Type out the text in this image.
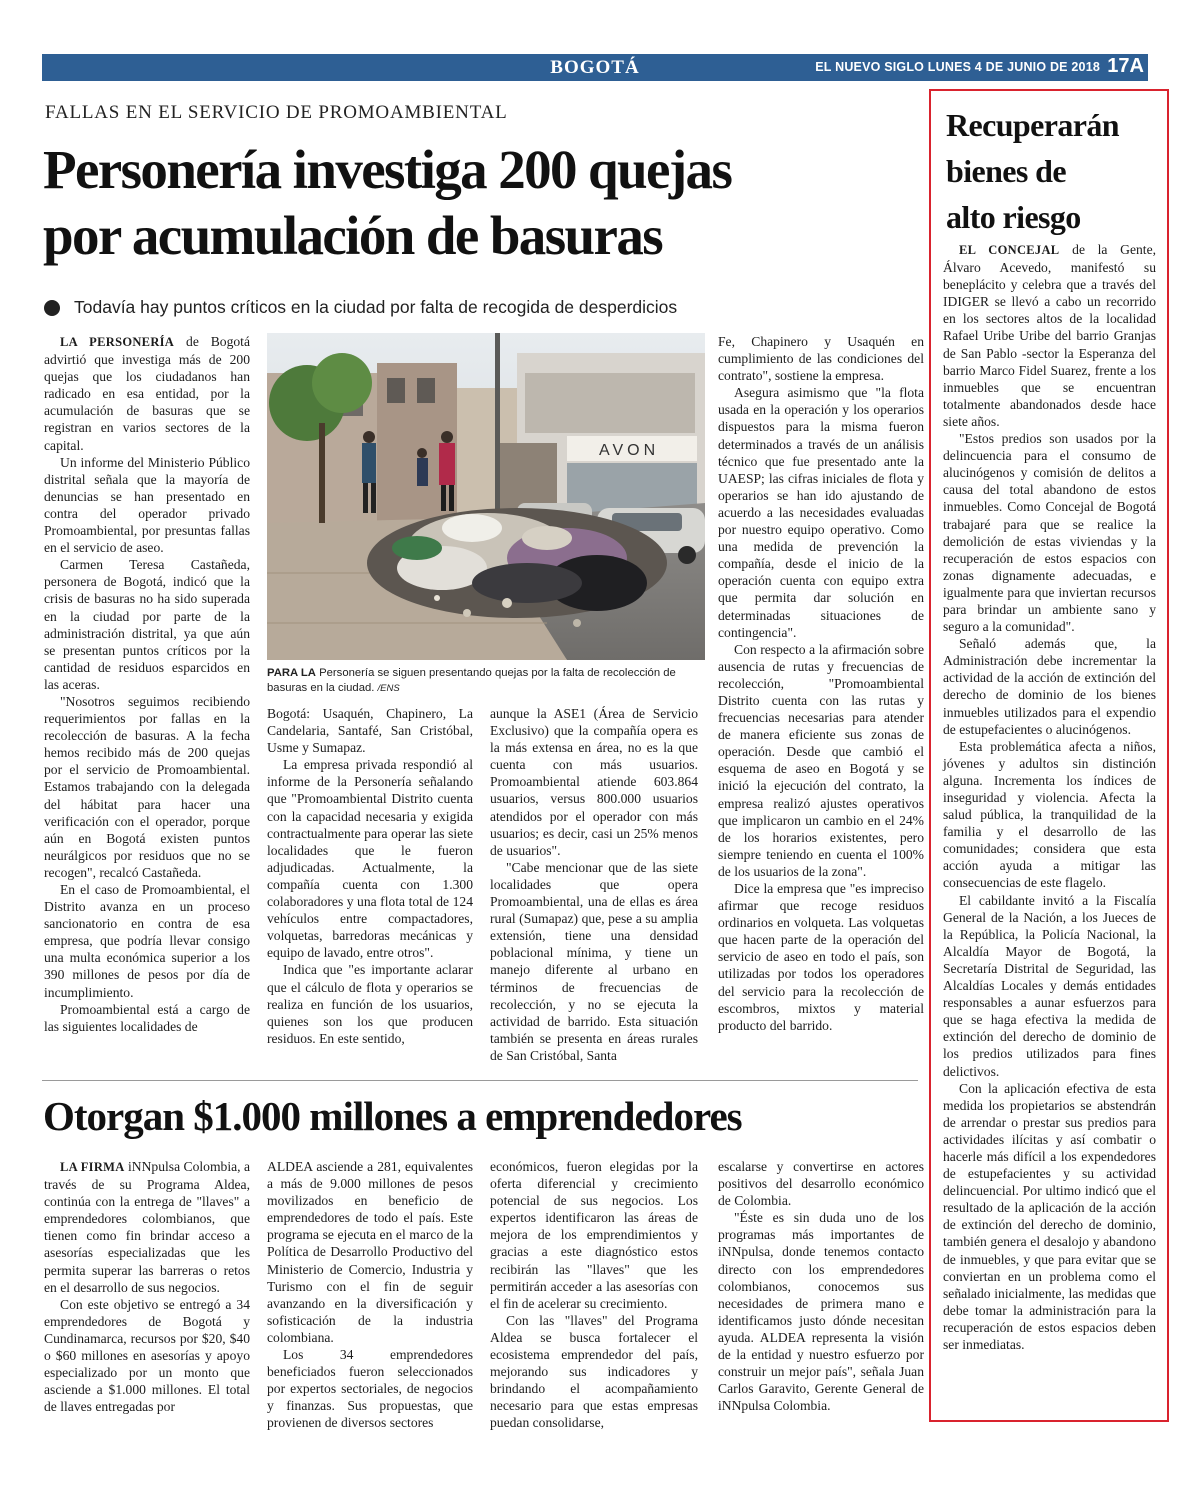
BOGOTÁ	EL NUEVO SIGLO LUNES 4 DE JUNIO DE 2018 17A
FALLAS EN EL SERVICIO DE PROMOAMBIENTAL
Personería investiga 200 quejas
por acumulación de basuras
Todavía hay puntos críticos en la ciudad por falta de recogida de desperdicios

LA PERSONERÍA de Bogotá advirtió que investiga más de 200 quejas que los ciudadanos han radicado en esa entidad, por la acumulación de basuras que se registran en varios sectores de la capital.

Un informe del Ministerio Público distrital señala que la mayoría de denuncias se han presentado en contra del operador privado Promoambiental, por presuntas fallas en el servicio de aseo.

Carmen Teresa Castañeda, personera de Bogotá, indicó que la crisis de basuras no ha sido superada en la ciudad por parte de la administración distrital, ya que aún se presentan puntos críticos por la cantidad de residuos esparcidos en las aceras.

"Nosotros seguimos recibiendo requerimientos por fallas en la recolección de basuras. A la fecha hemos recibido más de 200 quejas por el servicio de Promoambiental. Estamos trabajando con la delegada del hábitat para hacer una verificación con el operador, porque aún en Bogotá existen puntos neurálgicos por residuos que no se recogen", recalcó Castañeda.

En el caso de Promoambiental, el Distrito avanza en un proceso sancionatorio en contra de esa empresa, que podría llevar consigo una multa económica superior a los 390 millones de pesos por día de incumplimiento.

Promoambiental está a cargo de las siguientes localidades de

AVON
PARA LA Personería se siguen presentando quejas por la falta de recolección de basuras en la ciudad. /ENS

Bogotá: Usaquén, Chapinero, La Candelaria, Santafé, San Cristóbal, Usme y Sumapaz.

La empresa privada respondió al informe de la Personería señalando que "Promoambiental Distrito cuenta con la capacidad necesaria y exigida contractualmente para operar las siete localidades que le fueron adjudicadas. Actualmente, la compañía cuenta con 1.300 colaboradores y una flota total de 124 vehículos entre compactadores, volquetas, barredoras mecánicas y equipo de lavado, entre otros".

Indica que "es importante aclarar que el cálculo de flota y operarios se realiza en función de los usuarios, quienes son los que producen residuos. En este sentido,

aunque la ASE1 (Área de Servicio Exclusivo) que la compañía opera es la más extensa en área, no es la que cuenta con más usuarios. Promoambiental atiende 603.864 usuarios, versus 800.000 usuarios atendidos por el operador con más usuarios; es decir, casi un 25% menos de usuarios".

"Cabe mencionar que de las siete localidades que opera Promoambiental, una de ellas es área rural (Sumapaz) que, pese a su amplia extensión, tiene una densidad poblacional mínima, y tiene un manejo diferente al urbano en términos de frecuencias de recolección, y no se ejecuta la actividad de barrido. Esta situación también se presenta en áreas rurales de San Cristóbal, Santa

Fe, Chapinero y Usaquén en cumplimiento de las condiciones del contrato", sostiene la empresa.

Asegura asimismo que "la flota usada en la operación y los operarios dispuestos para la misma fueron determinados a través de un análisis técnico que fue presentado ante la UAESP; las cifras iniciales de flota y operarios se han ido ajustando de acuerdo a las necesidades evaluadas por nuestro equipo operativo. Como una medida de prevención la compañía, desde el inicio de la operación cuenta con equipo extra que permita dar solución en determinadas situaciones de contingencia".

Con respecto a la afirmación sobre ausencia de rutas y frecuencias de recolección, "Promoambiental Distrito cuenta con las rutas y frecuencias necesarias para atender de manera eficiente sus zonas de operación. Desde que cambió el esquema de aseo en Bogotá y se inició la ejecución del contrato, la empresa realizó ajustes operativos que implicaron un cambio en el 24% de los horarios existentes, pero siempre teniendo en cuenta el 100% de los usuarios de la zona".

Dice la empresa que "es impreciso afirmar que recoge residuos ordinarios en volqueta. Las volquetas que hacen parte de la operación del servicio de aseo en todo el país, son utilizadas por todos los operadores del servicio para la recolección de escombros, mixtos y material producto del barrido.

Otorgan $1.000 millones a emprendedores

LA FIRMA iNNpulsa Colombia, a través de su Programa Aldea, continúa con la entrega de "llaves" a emprendedores colombianos, que tienen como fin brindar acceso a asesorías especializadas que les permita superar las barreras o retos en el desarrollo de sus negocios.

Con este objetivo se entregó a 34 emprendedores de Bogotá y Cundinamarca, recursos por $20, $40 o $60 millones en asesorías y apoyo especializado por un monto que asciende a $1.000 millones. El total de llaves entregadas por

ALDEA asciende a 281, equivalentes a más de 9.000 millones de pesos movilizados en beneficio de emprendedores de todo el país. Este programa se ejecuta en el marco de la Política de Desarrollo Productivo del Ministerio de Comercio, Industria y Turismo con el fin de seguir avanzando en la diversificación y sofisticación de la industria colombiana.

Los 34 emprendedores beneficiados fueron seleccionados por expertos sectoriales, de negocios y finanzas. Sus propuestas, que provienen de diversos sectores

económicos, fueron elegidas por la oferta diferencial y crecimiento potencial de sus negocios. Los expertos identificaron las áreas de mejora de los emprendimientos y gracias a este diagnóstico estos recibirán las "llaves" que les permitirán acceder a las asesorías con el fin de acelerar su crecimiento.

Con las "llaves" del Programa Aldea se busca fortalecer el ecosistema emprendedor del país, mejorando sus indicadores y brindando el acompañamiento necesario para que estas empresas puedan consolidarse,

escalarse y convertirse en actores positivos del desarrollo económico de Colombia.

"Éste es sin duda uno de los programas más importantes de iNNpulsa, donde tenemos contacto directo con los emprendedores colombianos, conocemos sus necesidades de primera mano e identificamos justo dónde necesitan ayuda. ALDEA representa la visión de la entidad y nuestro esfuerzo por construir un mejor país", señala Juan Carlos Garavito, Gerente General de iNNpulsa Colombia.

Recuperarán
bienes de
alto riesgo

EL CONCEJAL de la Gente, Álvaro Acevedo, manifestó su beneplácito y celebra que a través del IDIGER se llevó a cabo un recorrido en los sectores altos de la localidad Rafael Uribe Uribe del barrio Granjas de San Pablo -sector la Esperanza del barrio Marco Fidel Suarez, frente a los inmuebles que se encuentran totalmente abandonados desde hace siete años.

"Estos predios son usados por la delincuencia para el consumo de alucinógenos y comisión de delitos a causa del total abandono de estos inmuebles. Como Concejal de Bogotá trabajaré para que se realice la demolición de estas viviendas y la recuperación de estos espacios con zonas dignamente adecuadas, e igualmente para que inviertan recursos para brindar un ambiente sano y seguro a la comunidad".

Señaló además que, la Administración debe incrementar la actividad de la acción de extinción del derecho de dominio de los bienes inmuebles utilizados para el expendio de estupefacientes o alucinógenos.

Esta problemática afecta a niños, jóvenes y adultos sin distinción alguna. Incrementa los índices de inseguridad y violencia. Afecta la salud pública, la tranquilidad de la familia y el desarrollo de las comunidades; considera que esta acción ayuda a mitigar las consecuencias de este flagelo.

El cabildante invitó a la Fiscalía General de la Nación, a los Jueces de la República, la Policía Nacional, la Alcaldía Mayor de Bogotá, la Secretaría Distrital de Seguridad, las Alcaldías Locales y demás entidades responsables a aunar esfuerzos para que se haga efectiva la medida de extinción del derecho de dominio de los predios utilizados para fines delictivos.

Con la aplicación efectiva de esta medida los propietarios se abstendrán de arrendar o prestar sus predios para actividades ilícitas y así combatir o hacerle más difícil a los expendedores de estupefacientes y su actividad delincuencial. Por ultimo indicó que el resultado de la aplicación de la acción de extinción del derecho de dominio, también genera el desalojo y abandono de inmuebles, y que para evitar que se conviertan en un problema como el señalado inicialmente, las medidas que debe tomar la administración para la recuperación de estos espacios deben ser inmediatas.
